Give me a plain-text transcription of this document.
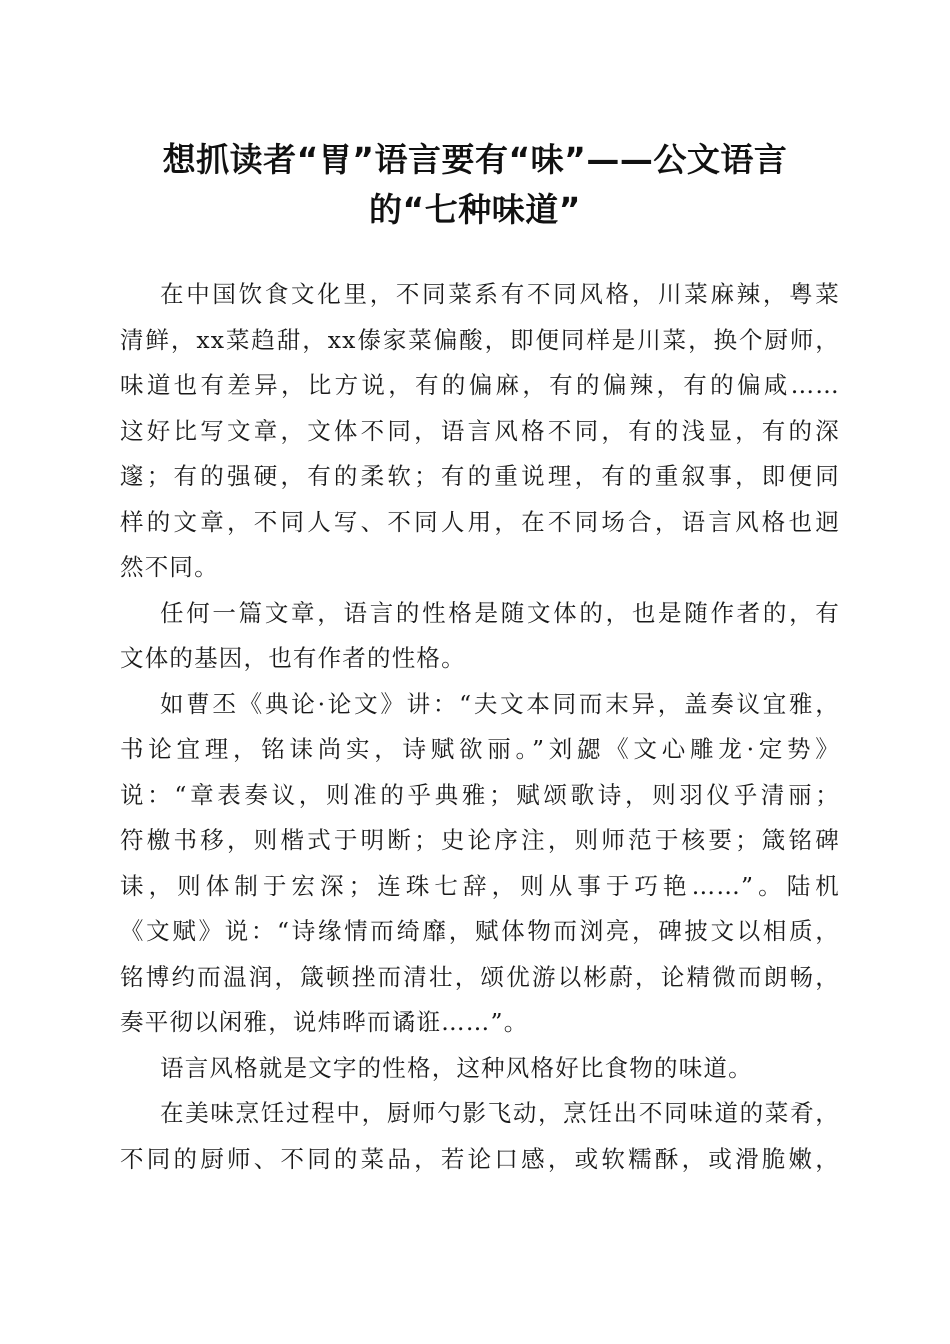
想抓读者“胃”语言要有“味”——公文语言
的“七种味道”

在中国饮食文化里，不同菜系有不同风格，川菜麻辣，粤菜
清鲜，xx菜趋甜，xx傣家菜偏酸，即便同样是川菜，换个厨师，
味道也有差异，比方说，有的偏麻，有的偏辣，有的偏咸……
这好比写文章，文体不同，语言风格不同，有的浅显，有的深
邃；有的强硬，有的柔软；有的重说理，有的重叙事，即便同
样的文章，不同人写、不同人用，在不同场合，语言风格也迥
然不同。

任何一篇文章，语言的性格是随文体的，也是随作者的，有
文体的基因，也有作者的性格。

如曹丕《典论·论文》讲：“夫文本同而末异，盖奏议宜雅，
书论宜理，铭诔尚实，诗赋欲丽。”刘勰《文心雕龙·定势》
说：“章表奏议，则准的乎典雅；赋颂歌诗，则羽仪乎清丽；
符檄书移，则楷式于明断；史论序注，则师范于核要；箴铭碑
诔，则体制于宏深；连珠七辞，则从事于巧艳……”。陆机
《文赋》说：“诗缘情而绮靡，赋体物而浏亮，碑披文以相质，
铭博约而温润，箴顿挫而清壮，颂优游以彬蔚，论精微而朗畅，
奏平彻以闲雅，说炜晔而谲诳……”。

语言风格就是文字的性格，这种风格好比食物的味道。

在美味烹饪过程中，厨师勺影飞动，烹饪出不同味道的菜肴，
不同的厨师、不同的菜品，若论口感，或软糯酥，或滑脆嫩，
